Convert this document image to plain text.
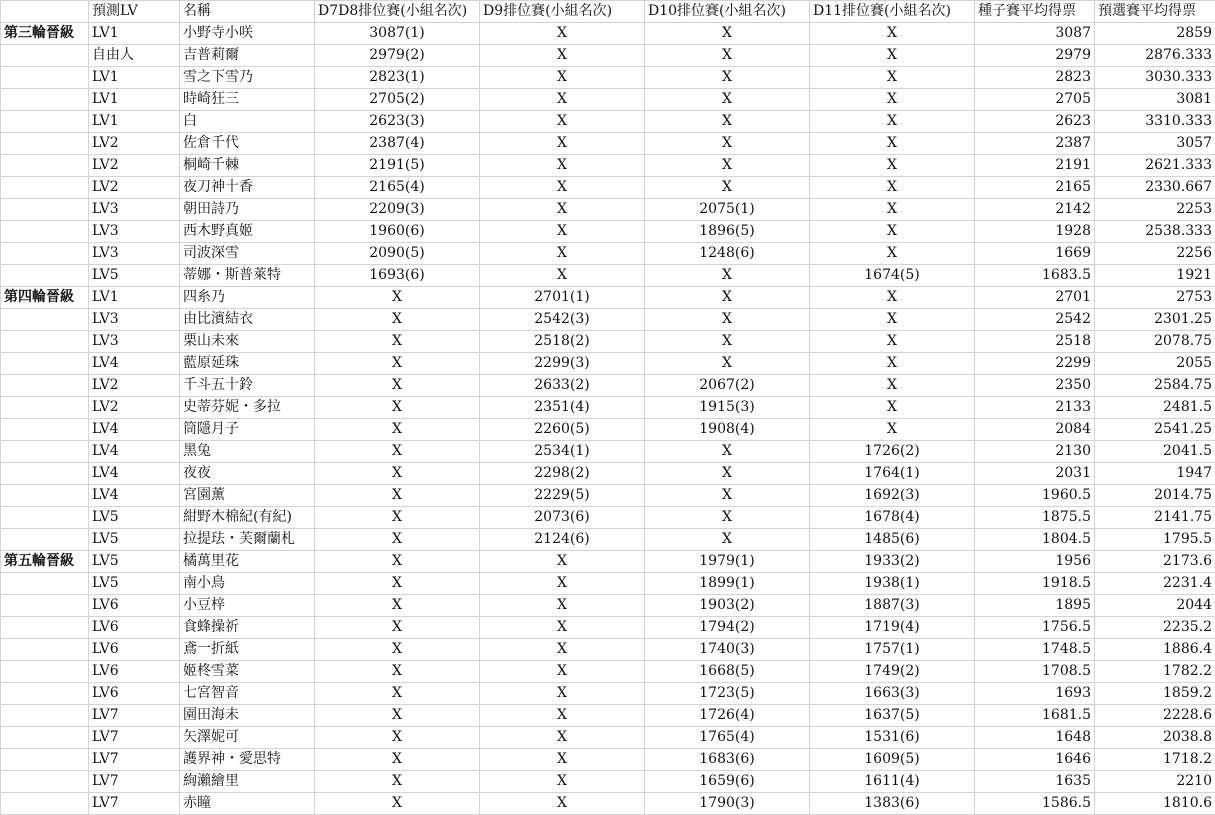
	預測LV	名稱	D7D8排位賽(小組名次)	D9排位賽(小組名次)	D10排位賽(小組名次)	D11排位賽(小組名次)	種子賽平均得票	預選賽平均得票
第三輪晉級	LV1	小野寺小咲	3087(1)	X	X	X	3087	2859
	自由人	吉普莉爾	2979(2)	X	X	X	2979	2876.333
	LV1	雪之下雪乃	2823(1)	X	X	X	2823	3030.333
	LV1	時崎狂三	2705(2)	X	X	X	2705	3081
	LV1	白	2623(3)	X	X	X	2623	3310.333
	LV2	佐倉千代	2387(4)	X	X	X	2387	3057
	LV2	桐崎千棘	2191(5)	X	X	X	2191	2621.333
	LV2	夜刀神十香	2165(4)	X	X	X	2165	2330.667
	LV3	朝田詩乃	2209(3)	X	2075(1)	X	2142	2253
	LV3	西木野真姬	1960(6)	X	1896(5)	X	1928	2538.333
	LV3	司波深雪	2090(5)	X	1248(6)	X	1669	2256
	LV5	蒂娜・斯普萊特	1693(6)	X	X	1674(5)	1683.5	1921
第四輪晉級	LV1	四糸乃	X	2701(1)	X	X	2701	2753
	LV3	由比濱結衣	X	2542(3)	X	X	2542	2301.25
	LV3	栗山未來	X	2518(2)	X	X	2518	2078.75
	LV4	藍原延珠	X	2299(3)	X	X	2299	2055
	LV2	千斗五十鈴	X	2633(2)	2067(2)	X	2350	2584.75
	LV2	史蒂芬妮・多拉	X	2351(4)	1915(3)	X	2133	2481.5
	LV4	筒隱月子	X	2260(5)	1908(4)	X	2084	2541.25
	LV4	黑兔	X	2534(1)	X	1726(2)	2130	2041.5
	LV4	夜夜	X	2298(2)	X	1764(1)	2031	1947
	LV4	宮園薰	X	2229(5)	X	1692(3)	1960.5	2014.75
	LV5	紺野木棉紀(有紀)	X	2073(6)	X	1678(4)	1875.5	2141.75
	LV5	拉提珐・芙爾蘭札	X	2124(6)	X	1485(6)	1804.5	1795.5
第五輪晉級	LV5	橘萬里花	X	X	1979(1)	1933(2)	1956	2173.6
	LV5	南小鳥	X	X	1899(1)	1938(1)	1918.5	2231.4
	LV6	小豆梓	X	X	1903(2)	1887(3)	1895	2044
	LV6	食蜂操祈	X	X	1794(2)	1719(4)	1756.5	2235.2
	LV6	鳶一折紙	X	X	1740(3)	1757(1)	1748.5	1886.4
	LV6	姬柊雪菜	X	X	1668(5)	1749(2)	1708.5	1782.2
	LV6	七宮智音	X	X	1723(5)	1663(3)	1693	1859.2
	LV7	園田海未	X	X	1726(4)	1637(5)	1681.5	2228.6
	LV7	矢澤妮可	X	X	1765(4)	1531(6)	1648	2038.8
	LV7	護界神・愛思特	X	X	1683(6)	1609(5)	1646	1718.2
	LV7	絢瀨繪里	X	X	1659(6)	1611(4)	1635	2210
	LV7	赤瞳	X	X	1790(3)	1383(6)	1586.5	1810.6
